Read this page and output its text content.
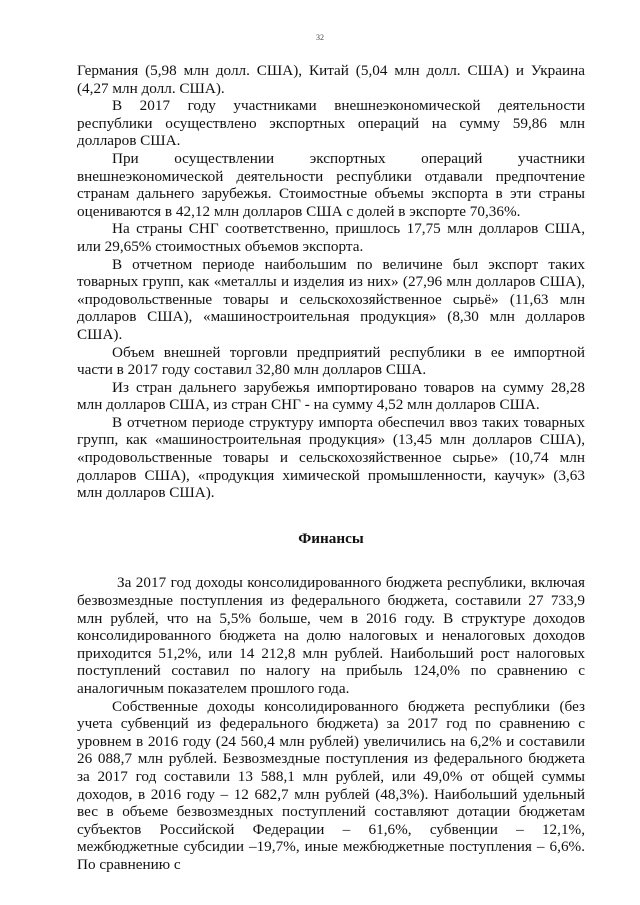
32

Германия (5,98 млн долл. США), Китай (5,04 млн долл. США) и Украина (4,27 млн долл. США).

В 2017 году участниками внешнеэкономической деятельности республики осуществлено экспортных операций на сумму 59,86 млн долларов США.

При осуществлении экспортных операций участники внешнеэкономической деятельности республики отдавали предпочтение странам дальнего зарубежья. Стоимостные объемы экспорта в эти страны оцениваются в 42,12 млн долларов США с долей в экспорте 70,36%.

На страны СНГ соответственно, пришлось 17,75 млн долларов США, или 29,65% стоимостных объемов экспорта.

В отчетном периоде наибольшим по величине был экспорт таких товарных групп, как «металлы и изделия из них» (27,96 млн долларов США), «продовольственные товары и сельскохозяйственное сырьё» (11,63 млн долларов США), «машиностроительная продукция» (8,30 млн долларов США).

Объем внешней торговли предприятий республики в ее импортной части в 2017 году составил 32,80 млн долларов США.

Из стран дальнего зарубежья импортировано товаров на сумму 28,28 млн долларов США, из стран СНГ - на сумму 4,52 млн долларов США.

В отчетном периоде структуру импорта обеспечил ввоз таких товарных групп, как «машиностроительная продукция» (13,45 млн долларов США), «продовольственные товары и сельскохозяйственное сырье» (10,74 млн долларов США), «продукция химической промышленности, каучук» (3,63 млн долларов США).

Финансы

За 2017 год доходы консолидированного бюджета республики, включая безвозмездные поступления из федерального бюджета, составили 27 733,9 млн рублей, что на 5,5% больше, чем в 2016 году. В структуре доходов консолидированного бюджета на долю налоговых и неналоговых доходов приходится 51,2%, или 14 212,8 млн рублей. Наибольший рост налоговых поступлений составил по налогу на прибыль 124,0% по сравнению с аналогичным показателем прошлого года.

Собственные доходы консолидированного бюджета республики (без учета субвенций из федерального бюджета) за 2017 год по сравнению с уровнем в 2016 году (24 560,4 млн рублей) увеличились на 6,2% и составили 26 088,7 млн рублей. Безвозмездные поступления из федерального бюджета за 2017 год составили 13 588,1 млн рублей, или 49,0% от общей суммы доходов, в 2016 году – 12 682,7 млн рублей (48,3%). Наибольший удельный вес в объеме безвозмездных поступлений составляют дотации бюджетам субъектов Российской Федерации – 61,6%, субвенции – 12,1%, межбюджетные субсидии –19,7%, иные межбюджетные поступления – 6,6%. По сравнению с
